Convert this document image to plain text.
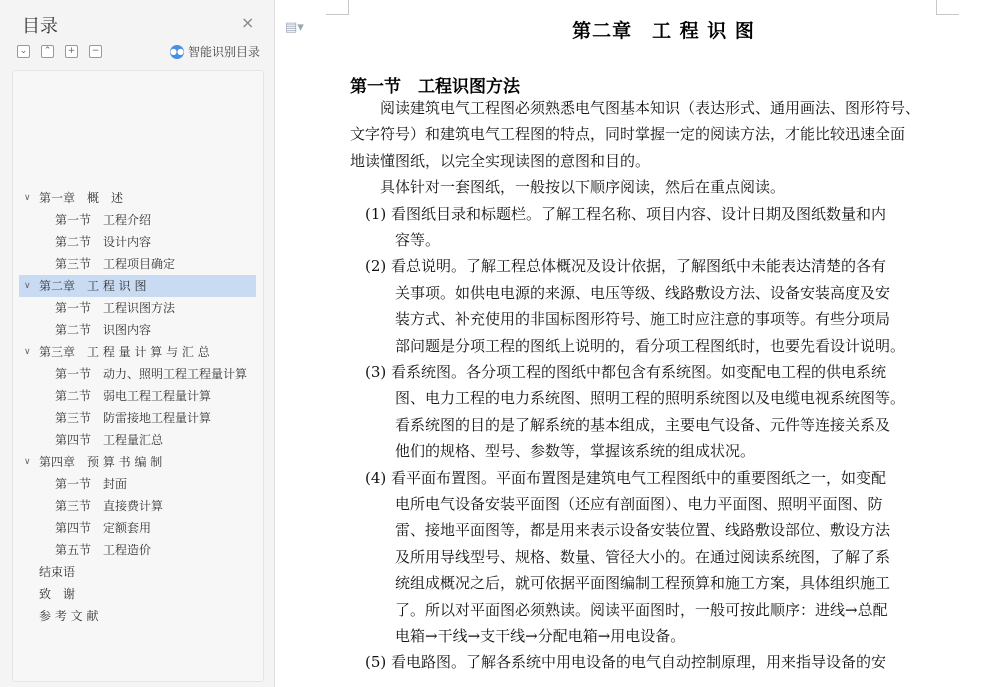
目录	×
⌄	⌃	+	−	●● 智能识别目录
∨ 第一章　概　述
第一节　工程介绍
第二节　设计内容
第三节　工程项目确定
∨ 第二章　工 程 识 图
第一节　工程识图方法
第二节　识图内容
∨ 第三章　工 程 量 计 算 与 汇 总
第一节　动力、照明工程工程量计算
第二节　弱电工程工程量计算
第三节　防雷接地工程量计算
第四节　工程量汇总
∨ 第四章　预 算 书 编 制
第一节　封面
第三节　直接费计算
第四节　定额套用
第五节　工程造价
结束语
致　谢
参 考 文 献
▤▾	第二章　工 程 识 图
第一节　工程识图方法
　　阅读建筑电气工程图必须熟悉电气图基本知识（表达形式、通用画法、图形符号、
文字符号）和建筑电气工程图的特点，同时掌握一定的阅读方法，才能比较迅速全面
地读懂图纸，以完全实现读图的意图和目的。
　　具体针对一套图纸，一般按以下顺序阅读，然后在重点阅读。
　(1) 看图纸目录和标题栏。了解工程名称、项目内容、设计日期及图纸数量和内
　　　容等。
　(2) 看总说明。了解工程总体概况及设计依据，了解图纸中未能表达清楚的各有
　　　关事项。如供电电源的来源、电压等级、线路敷设方法、设备安装高度及安
　　　装方式、补充使用的非国标图形符号、施工时应注意的事项等。有些分项局
　　　部问题是分项工程的图纸上说明的，看分项工程图纸时，也要先看设计说明。
　(3) 看系统图。各分项工程的图纸中都包含有系统图。如变配电工程的供电系统
　　　图、电力工程的电力系统图、照明工程的照明系统图以及电缆电视系统图等。
　　　看系统图的目的是了解系统的基本组成，主要电气设备、元件等连接关系及
　　　他们的规格、型号、参数等，掌握该系统的组成状况。
　(4) 看平面布置图。平面布置图是建筑电气工程图纸中的重要图纸之一，如变配
　　　电所电气设备安装平面图（还应有剖面图）、电力平面图、照明平面图、防
　　　雷、接地平面图等，都是用来表示设备安装位置、线路敷设部位、敷设方法
　　　及所用导线型号、规格、数量、管径大小的。在通过阅读系统图，了解了系
　　　统组成概况之后，就可依据平面图编制工程预算和施工方案，具体组织施工
　　　了。所以对平面图必须熟读。阅读平面图时，一般可按此顺序：进线→总配
　　　电箱→干线→支干线→分配电箱→用电设备。
　(5) 看电路图。了解各系统中用电设备的电气自动控制原理，用来指导设备的安
